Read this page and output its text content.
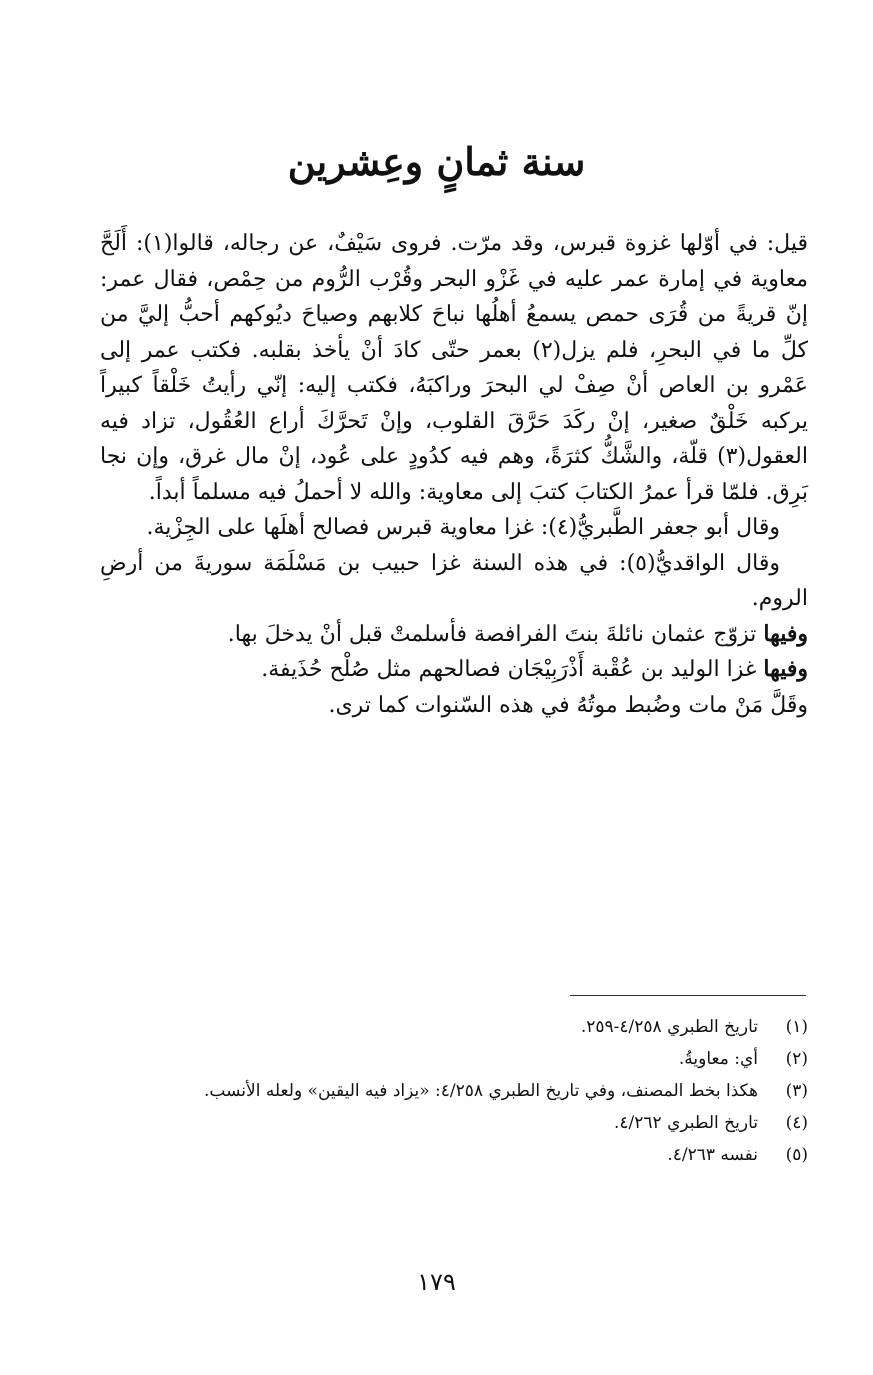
سنة ثمانٍ وعِشرين

قيل: في أوّلها غزوة قبرس، وقد مرّت. فروى سَيْفٌ، عن رجاله، قالوا(١): أَلَحَّ معاوية في إمارة عمر عليه في غَزْو البحر وقُرْب الرُّوم من حِمْص، فقال عمر: إنّ قريةً من قُرَى حمص يسمعُ أهلُها نباحَ كلابهم وصياحَ ديُوكهم أحبُّ إليَّ من كلِّ ما في البحرِ، فلم يزل(٢) بعمر حتّى كادَ أنْ يأخذ بقلبه. فكتب عمر إلى عَمْرو بن العاص أنْ صِفْ لي البحرَ وراكبَهُ، فكتب إليه: إنّي رأيتُ خَلْقاً كبيراً يركبه خَلْقٌ صغير، إنْ ركَدَ حَرَّقَ القلوب، وإنْ تَحرَّكَ أراع العُقُول، تزاد فيه العقول(٣) قلّة، والشَّكُّ كثرَةً، وهم فيه كدُودٍ على عُود، إنْ مال غرق، وإن نجا بَرِق. فلمّا قرأ عمرُ الكتابَ كتبَ إلى معاوية: والله لا أحملُ فيه مسلماً أبداً.

وقال أبو جعفر الطَّبريُّ(٤): غزا معاوية قبرس فصالح أهلَها على الجِزْية.

وقال الواقديُّ(٥): في هذه السنة غزا حبيب بن مَسْلَمَة سوريةَ من أرضِ الروم.

وفيها تزوّج عثمان نائلةَ بنتَ الفرافصة فأسلمتْ قبل أنْ يدخلَ بها.

وفيها غزا الوليد بن عُقْبة أَذْرَبِيْجَان فصالحهم مثل صُلْح حُذَيفة.

وقَلَّ مَنْ مات وضُبط موتُهُ في هذه السّنوات كما ترى.

(١)
تاريخ الطبري ٤/٢٥٨-٢٥٩.
(٢)
أي: معاويةُ.
(٣)
هكذا بخط المصنف، وفي تاريخ الطبري ٤/٢٥٨: «يزاد فيه اليقين» ولعله الأنسب.
(٤)
تاريخ الطبري ٤/٢٦٢.
(٥)
نفسه ٤/٢٦٣.
١٧٩
